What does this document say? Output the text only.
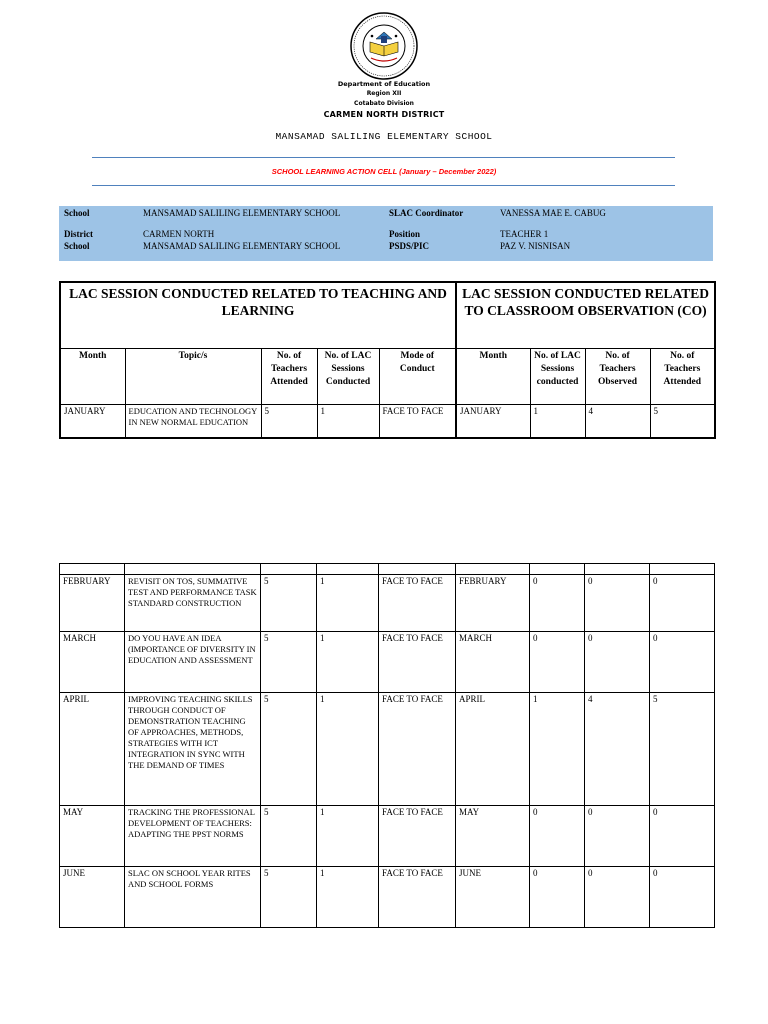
Department of Education
Region XII
Cotabato Division
CARMEN NORTH DISTRICT
MANSAMAD SALILING ELEMENTARY SCHOOL
SCHOOL LEARNING ACTION CELL (January – December 2022)
School	MANSAMAD SALILING ELEMENTARY SCHOOL	SLAC Coordinator	VANESSA MAE E. CABUG
District	CARMEN NORTH	Position	TEACHER 1
School	MANSAMAD SALILING ELEMENTARY SCHOOL	PSDS/PIC	PAZ V. NISNISAN
LAC SESSION CONDUCTED RELATED TO TEACHING AND LEARNING					LAC SESSION CONDUCTED RELATED TO CLASSROOM OBSERVATION (CO)			
Month	Topic/s	No. of Teachers Attended	No. of LAC Sessions Conducted	Mode of Conduct	Month	No. of LAC Sessions conducted	No. of Teachers Observed	No. of Teachers Attended
JANUARY	EDUCATION AND TECHNOLOGY IN NEW NORMAL EDUCATION	5	1	FACE TO FACE	JANUARY	1	4	5

FEBRUARY	REVISIT ON TOS, SUMMATIVE TEST AND PERFORMANCE TASK STANDARD CONSTRUCTION	5	1	FACE TO FACE	FEBRUARY	0	0	0
MARCH	DO YOU HAVE AN IDEA (IMPORTANCE OF DIVERSITY IN EDUCATION AND ASSESSMENT	5	1	FACE TO FACE	MARCH	0	0	0
APRIL	IMPROVING TEACHING SKILLS THROUGH CONDUCT OF DEMONSTRATION TEACHING OF APPROACHES, METHODS, STRATEGIES WITH ICT INTEGRATION IN SYNC WITH THE DEMAND OF TIMES	5	1	FACE TO FACE	APRIL	1	4	5
MAY	TRACKING THE PROFESSIONAL DEVELOPMENT OF TEACHERS: ADAPTING THE PPST NORMS	5	1	FACE TO FACE	MAY	0	0	0
JUNE	SLAC ON SCHOOL YEAR RITES AND SCHOOL FORMS	5	1	FACE TO FACE	JUNE	0	0	0
